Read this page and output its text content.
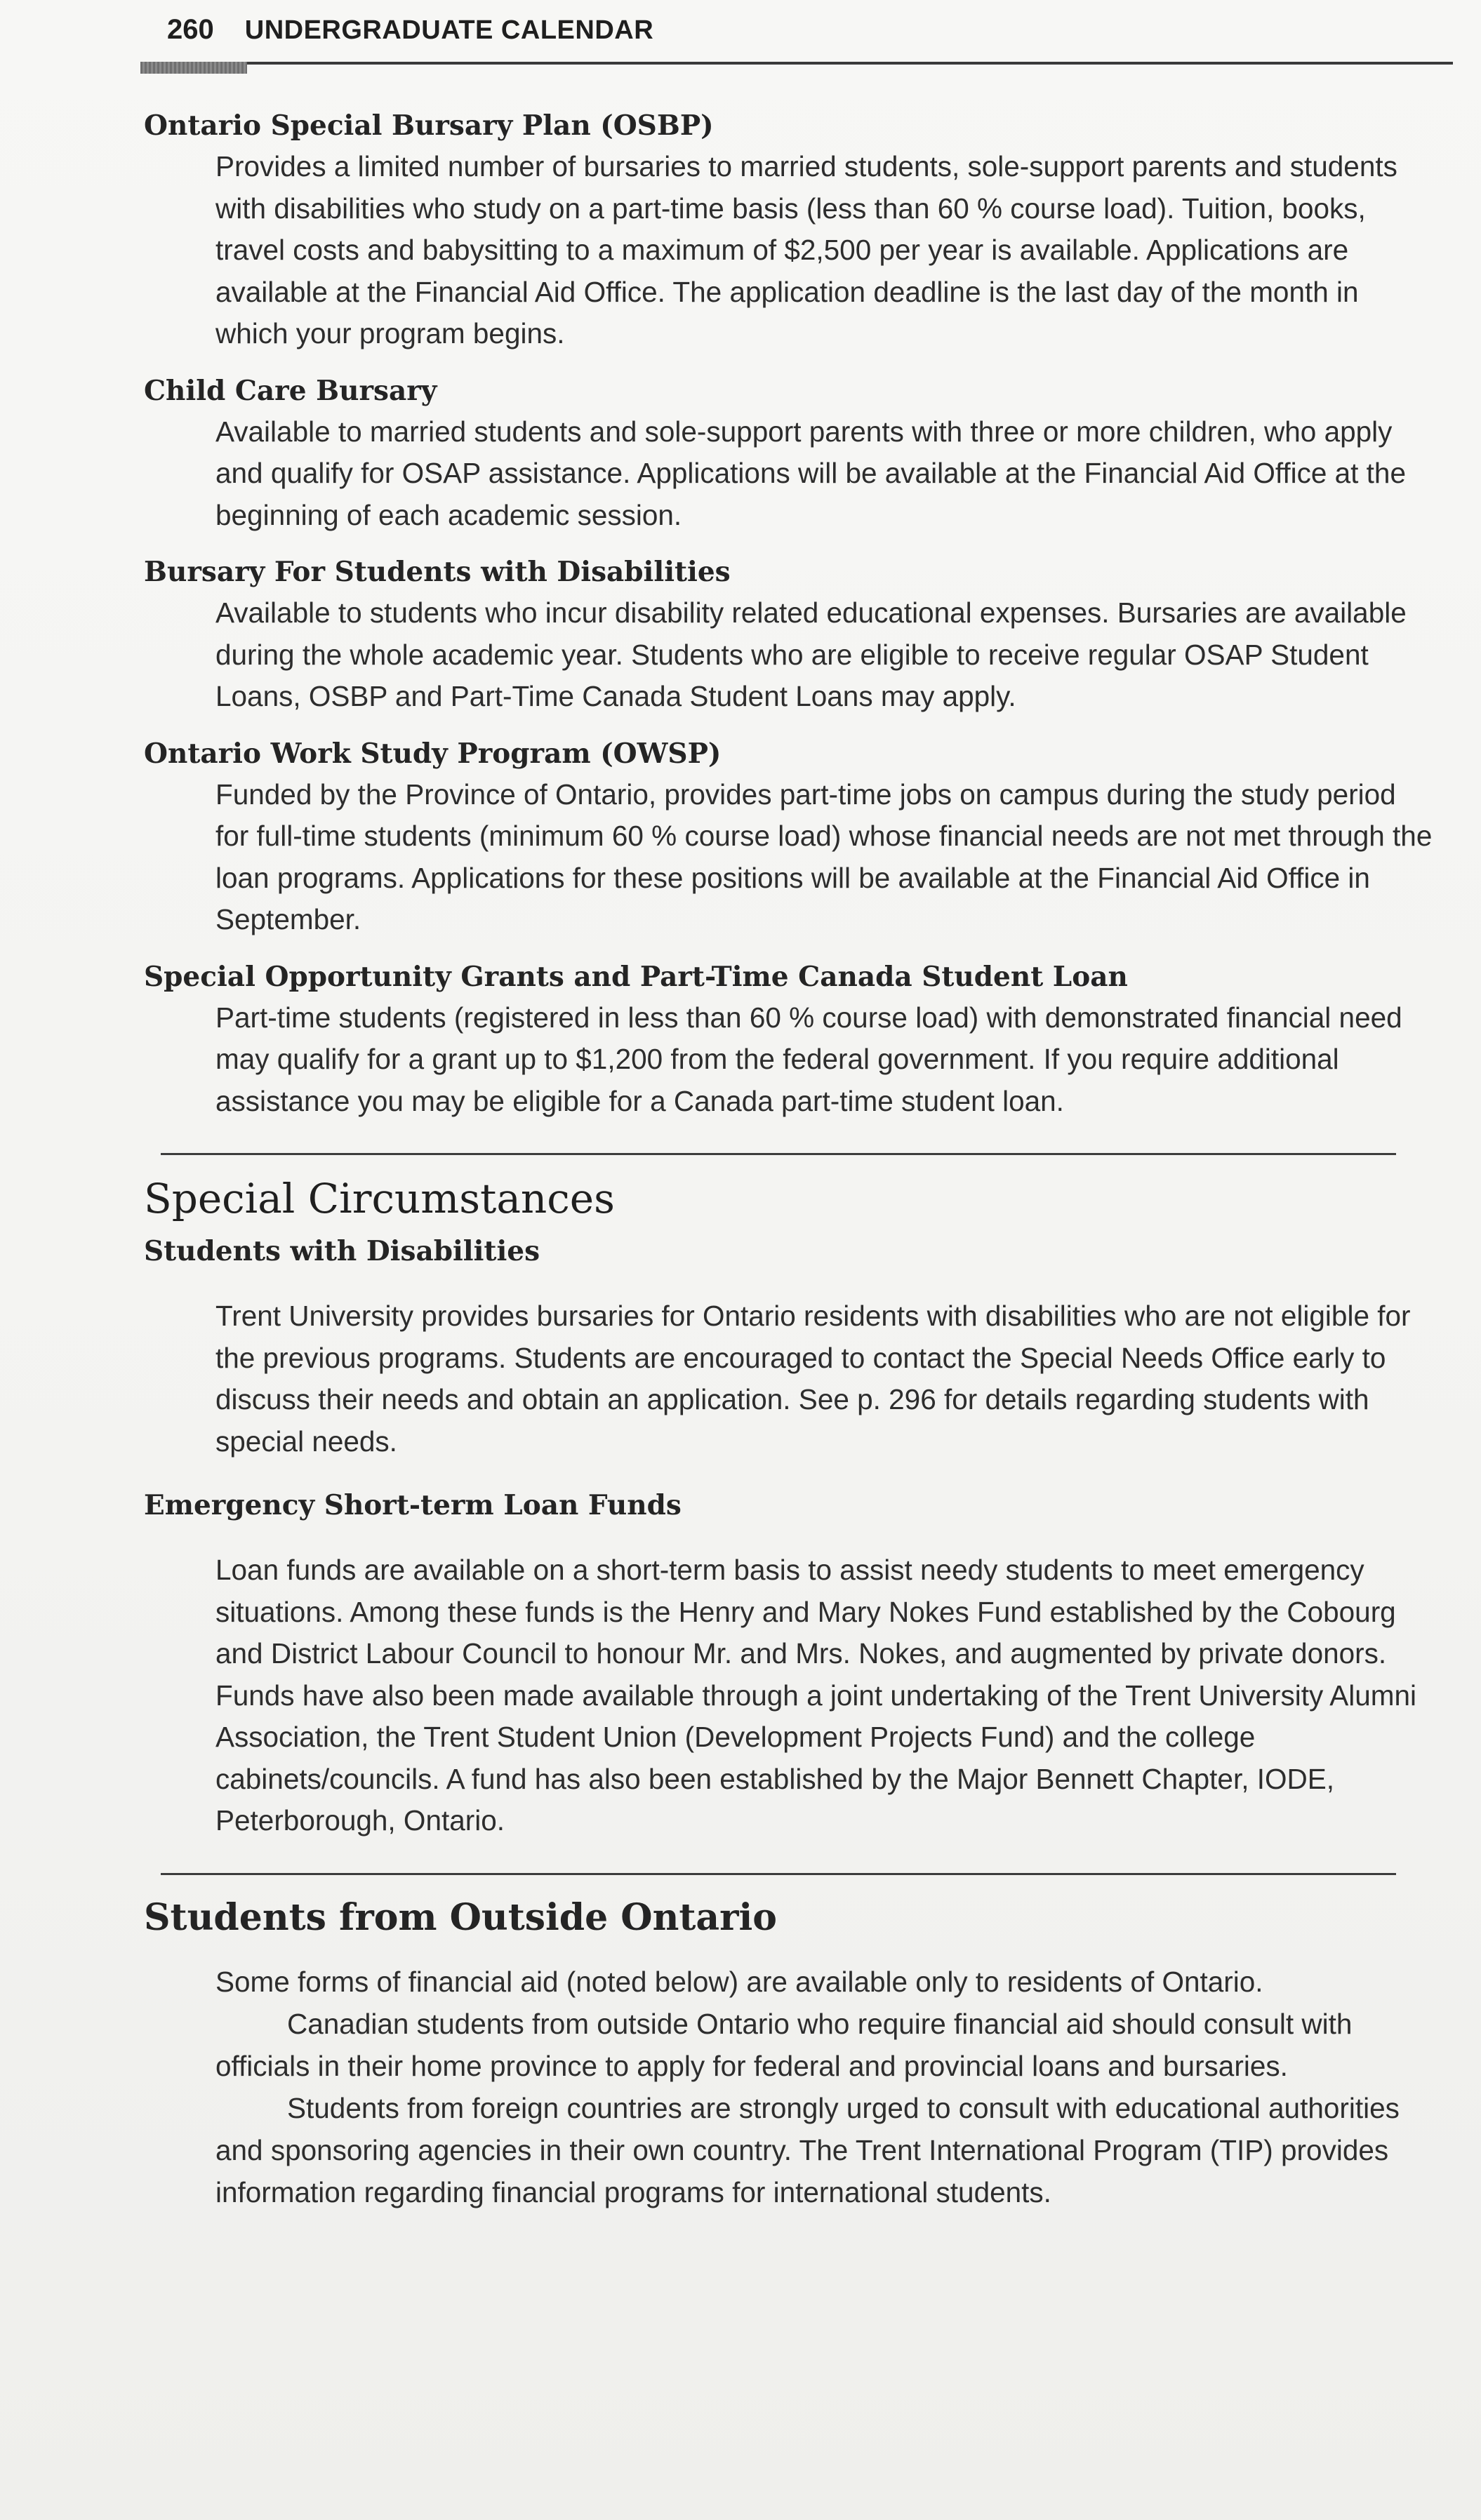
260 UNDERGRADUATE CALENDAR
Ontario Special Bursary Plan (OSBP)

Provides a limited number of bursaries to married students, sole-support parents and students with disabilities who study on a part-time basis (less than 60 % course load). Tuition, books, travel costs and babysitting to a maximum of $2,500 per year is available. Applications are available at the Financial Aid Office. The application deadline is the last day of the month in which your program begins.

Child Care Bursary

Available to married students and sole-support parents with three or more children, who apply and qualify for OSAP assistance. Applications will be available at the Financial Aid Office at the beginning of each academic session.

Bursary For Students with Disabilities

Available to students who incur disability related educational expenses. Bursaries are available during the whole academic year. Students who are eligible to receive regular OSAP Student Loans, OSBP and Part-Time Canada Student Loans may apply.

Ontario Work Study Program (OWSP)

Funded by the Province of Ontario, provides part-time jobs on campus during the study period for full-time students (minimum 60 % course load) whose financial needs are not met through the loan programs. Applications for these positions will be available at the Financial Aid Office in September.

Special Opportunity Grants and Part-Time Canada Student Loan

Part-time students (registered in less than 60 % course load) with demonstrated financial need may qualify for a grant up to $1,200 from the federal government. If you require additional assistance you may be eligible for a Canada part-time student loan.

Special Circumstances
Students with Disabilities

Trent University provides bursaries for Ontario residents with disabilities who are not eligible for the previous programs. Students are encouraged to contact the Special Needs Office early to discuss their needs and obtain an application. See p. 296 for details regarding students with special needs.

Emergency Short-term Loan Funds

Loan funds are available on a short-term basis to assist needy students to meet emergency situations. Among these funds is the Henry and Mary Nokes Fund established by the Cobourg and District Labour Council to honour Mr. and Mrs. Nokes, and augmented by private donors. Funds have also been made available through a joint undertaking of the Trent University Alumni Association, the Trent Student Union (Development Projects Fund) and the college cabinets/councils. A fund has also been established by the Major Bennett Chapter, IODE, Peterborough, Ontario.

Students from Outside Ontario

Some forms of financial aid (noted below) are available only to residents of Ontario.

Canadian students from outside Ontario who require financial aid should consult with officials in their home province to apply for federal and provincial loans and bursaries.

Students from foreign countries are strongly urged to consult with educational authorities and sponsoring agencies in their own country. The Trent International Program (TIP) provides information regarding financial programs for international students.
